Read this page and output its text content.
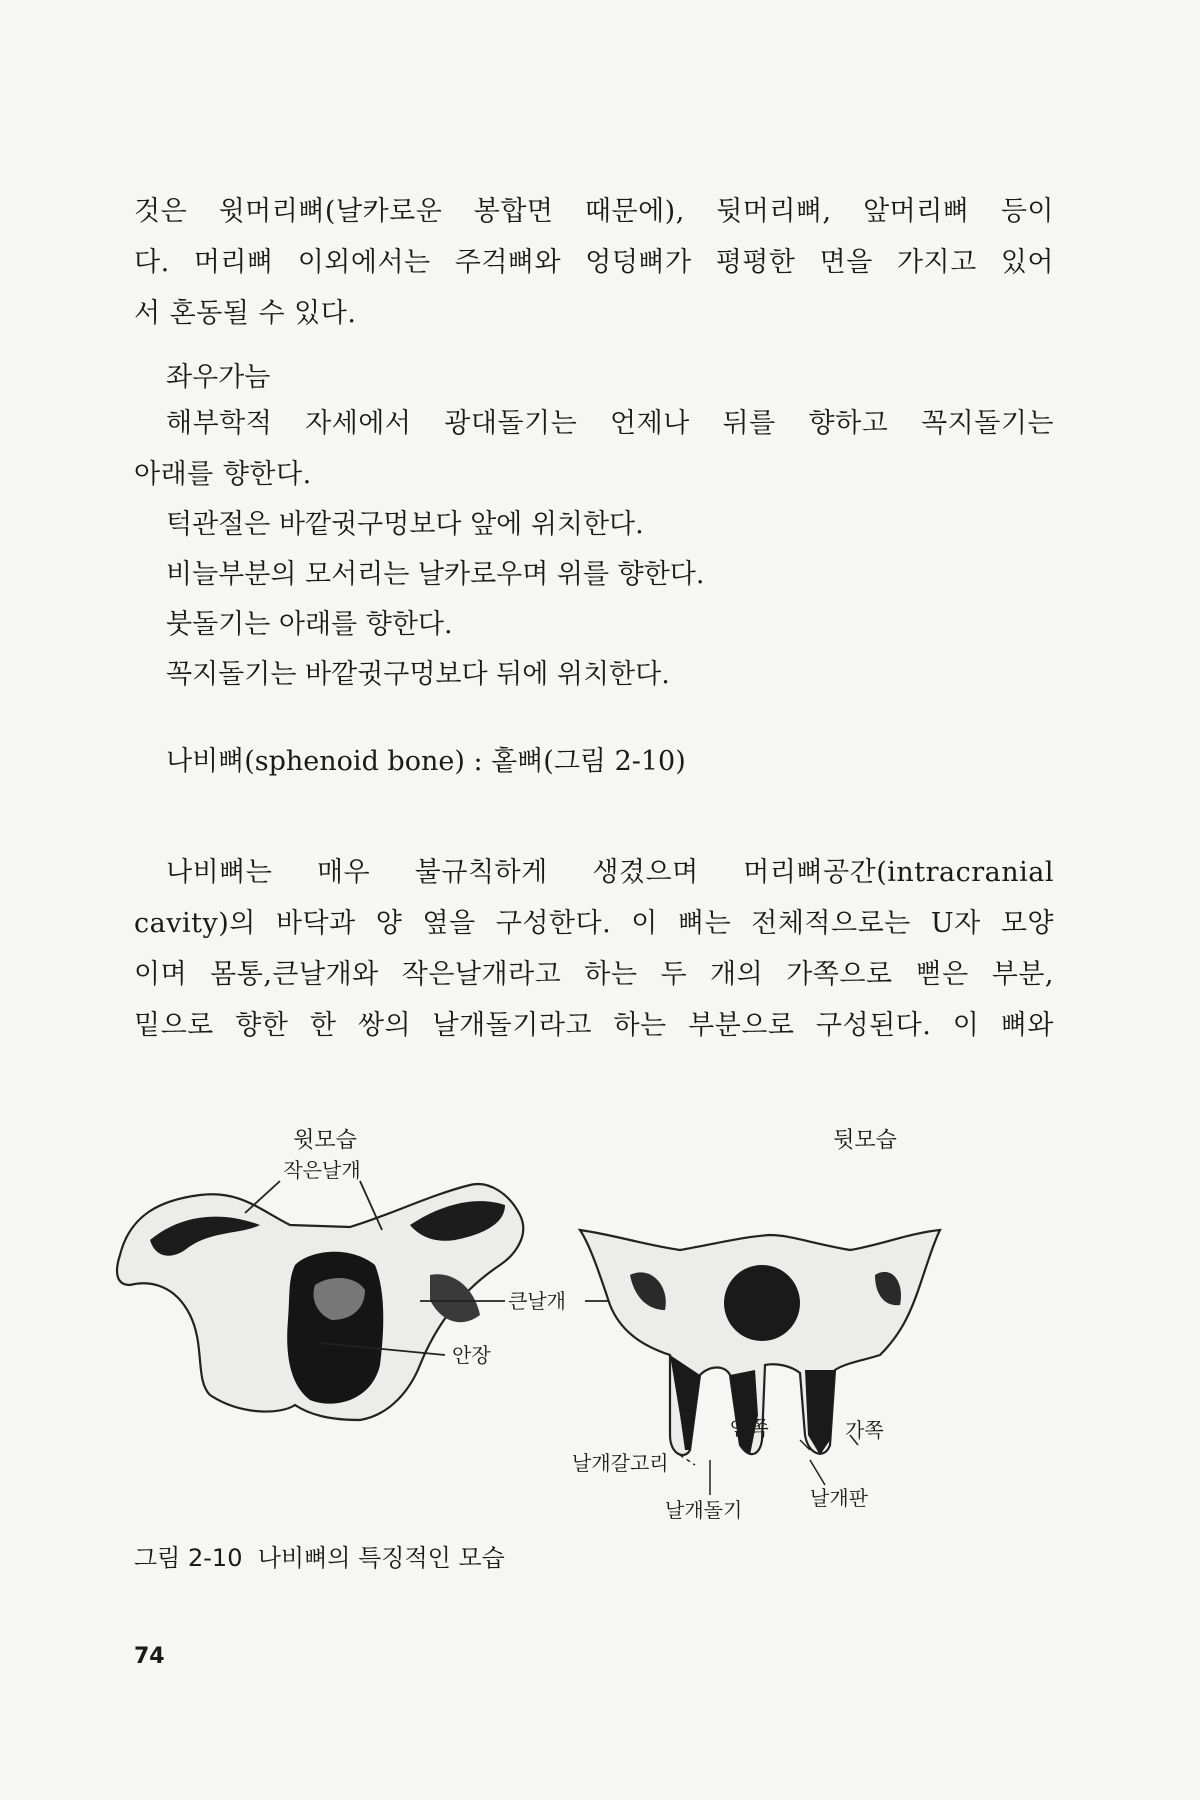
것은 윗머리뼈(날카로운 봉합면 때문에), 뒷머리뼈, 앞머리뼈 등이
다. 머리뼈 이외에서는 주걱뼈와 엉덩뼈가 평평한 면을 가지고 있어
서 혼동될 수 있다.

좌우가늠

해부학적 자세에서 광대돌기는 언제나 뒤를 향하고 꼭지돌기는
아래를 향한다.

턱관절은 바깥귓구멍보다 앞에 위치한다.

비늘부분의 모서리는 날카로우며 위를 향한다.

붓돌기는 아래를 향한다.

꼭지돌기는 바깥귓구멍보다 뒤에 위치한다.

나비뼈(sphenoid bone) : 홑뼈(그림 2-10)

나비뼈는 매우 불규칙하게 생겼으며 머리뼈공간(intracranial
cavity)의 바닥과 양 옆을 구성한다. 이 뼈는 전체적으로는 U자 모양
이며 몸통,큰날개와 작은날개라고 하는 두 개의 가쪽으로 뻗은 부분,
밑으로 향한 한 쌍의 날개돌기라고 하는 부분으로 구성된다. 이 뼈와
윗모습	뒷모습
작은날개
안장
큰날개	몸통
안쪽	가쪽
날개갈고리
날개돌기	날개판

그림 2-10  나비뼈의 특징적인 모습

74
